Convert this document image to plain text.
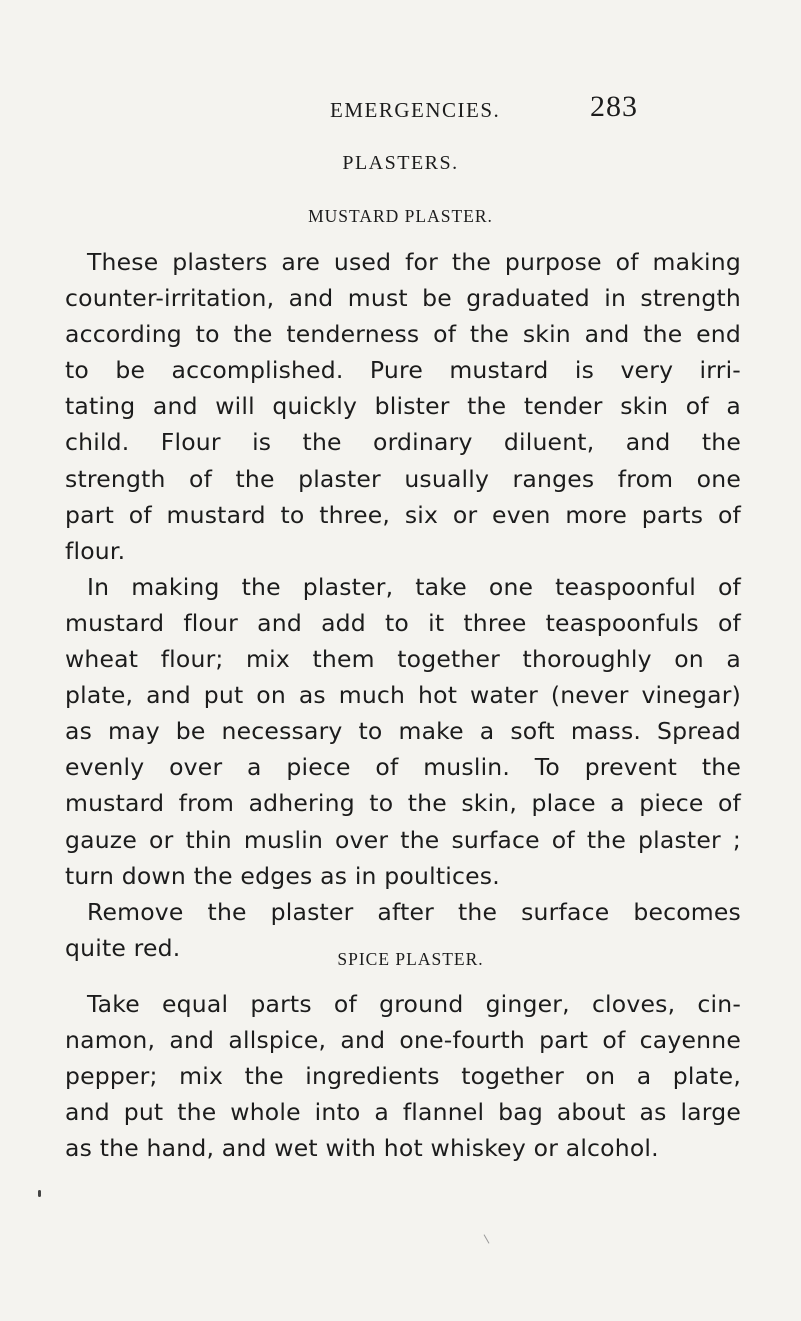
EMERGENCIES.	283
PLASTERS.
MUSTARD PLASTER.
These plasters are used for the purpose of making
counter-irritation, and must be graduated in strength
according to the tenderness of the skin and the end
to be accomplished. Pure mustard is very irri-
tating and will quickly blister the tender skin of a
child. Flour is the ordinary diluent, and the
strength of the plaster usually ranges from one
part of mustard to three, six or even more parts of
flour.
In making the plaster, take one teaspoonful of
mustard flour and add to it three teaspoonfuls of
wheat flour; mix them together thoroughly on a
plate, and put on as much hot water (never vinegar)
as may be necessary to make a soft mass. Spread
evenly over a piece of muslin. To prevent the
mustard from adhering to the skin, place a piece of
gauze or thin muslin over the surface of the plaster ;
turn down the edges as in poultices.
Remove the plaster after the surface becomes
quite red.	SPICE PLASTER.
Take equal parts of ground ginger, cloves, cin-
namon, and allspice, and one-fourth part of cayenne
pepper; mix the ingredients together on a plate,
and put the whole into a flannel bag about as large
as the hand, and wet with hot whiskey or alcohol.
